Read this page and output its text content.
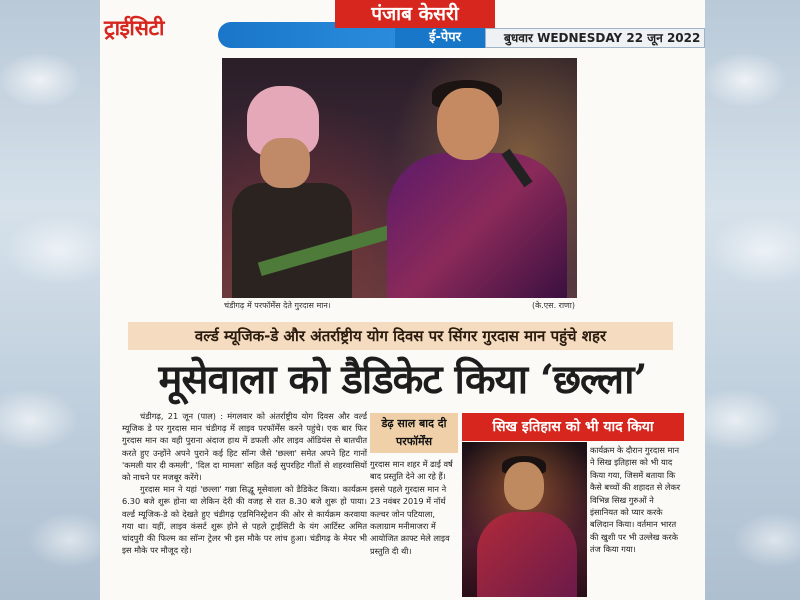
ट्राईसिटी
पंजाब केसरी
ई-पेपर	बुधवार WEDNESDAY 22 जून 2022
चंडीगढ़ में परफॉर्मेंस देते गुरदास मान।	(के.एस. राणा)
वर्ल्ड म्यूजिक-डे और अंतर्राष्ट्रीय योग दिवस पर सिंगर गुरदास मान पहुंचे शहर
मूसेवाला को डैडिकेट किया ‘छल्ला’

चंडीगढ़, 21 जून (पाल) : मंगलवार को अंतर्राष्ट्रीय योग दिवस और वर्ल्ड म्यूजिक डे पर गुरदास मान चंडीगढ़ में लाइव परफॉर्मेंस करने पहुंचे। एक बार फिर गुरदास मान का वही पुराना अंदाज हाथ में डफली और लाइव ऑडियंस से बातचीत करते हुए उन्होंने अपने पुराने कई हिट सॉन्ग जैसे 'छल्ला' समेत अपने हिट गानों 'कमली यार दी कमली', 'दिल दा मामला' सहित कई सुपरहिट गीतों से शहरवासियों को नाचने पर मजबूर करेंगे।

गुरदास मान ने यहां 'छल्ला' गन्ना सिद्धू मूसेवाला को डैडिकेट किया। कार्यक्रम 6.30 बजे शुरू होना था लेकिन देरी की वजह से रात 8.30 बजे शुरू हो पाया। वर्ल्ड म्यूजिक-डे को देखते हुए चंडीगढ़ एडमिनिस्ट्रेशन की ओर से कार्यक्रम करवाया गया था। यहीं, लाइव कंसर्ट शुरू होने से पहले ट्राईसिटी के यंग आर्टिस्ट अमित चांदपुरी की फिल्म का सॉन्ग ट्रेलर भी इस मौके पर लांच हुआ। चंडीगढ़ के मेयर भी इस मौके पर मौजूद रहे।

डेढ़ साल बाद दी परफॉर्मेंस
गुरदास मान शहर में ढाई वर्ष बाद प्रस्तुति देने आ रहे हैं। इससे पहले गुरदास मान ने 23 नवंबर 2019 में नॉर्थ कल्चर जोन पटियाला, कलाग्राम मनीमाजरा में आयोजित क्राफ्ट मेले लाइव प्रस्तुति दी थी।
सिख इतिहास को भी याद किया
कार्यक्रम के दौरान गुरदास मान ने सिख इतिहास को भी याद किया गया, जिसमें बताया कि कैसे बच्चों की शहादत से लेकर विभिन्न सिख गुरुओं ने इंसानियत को प्यार करके बलिदान किया। वर्तमान भारत की खुशी पर भी उल्लेख करके तंज किया गया।
